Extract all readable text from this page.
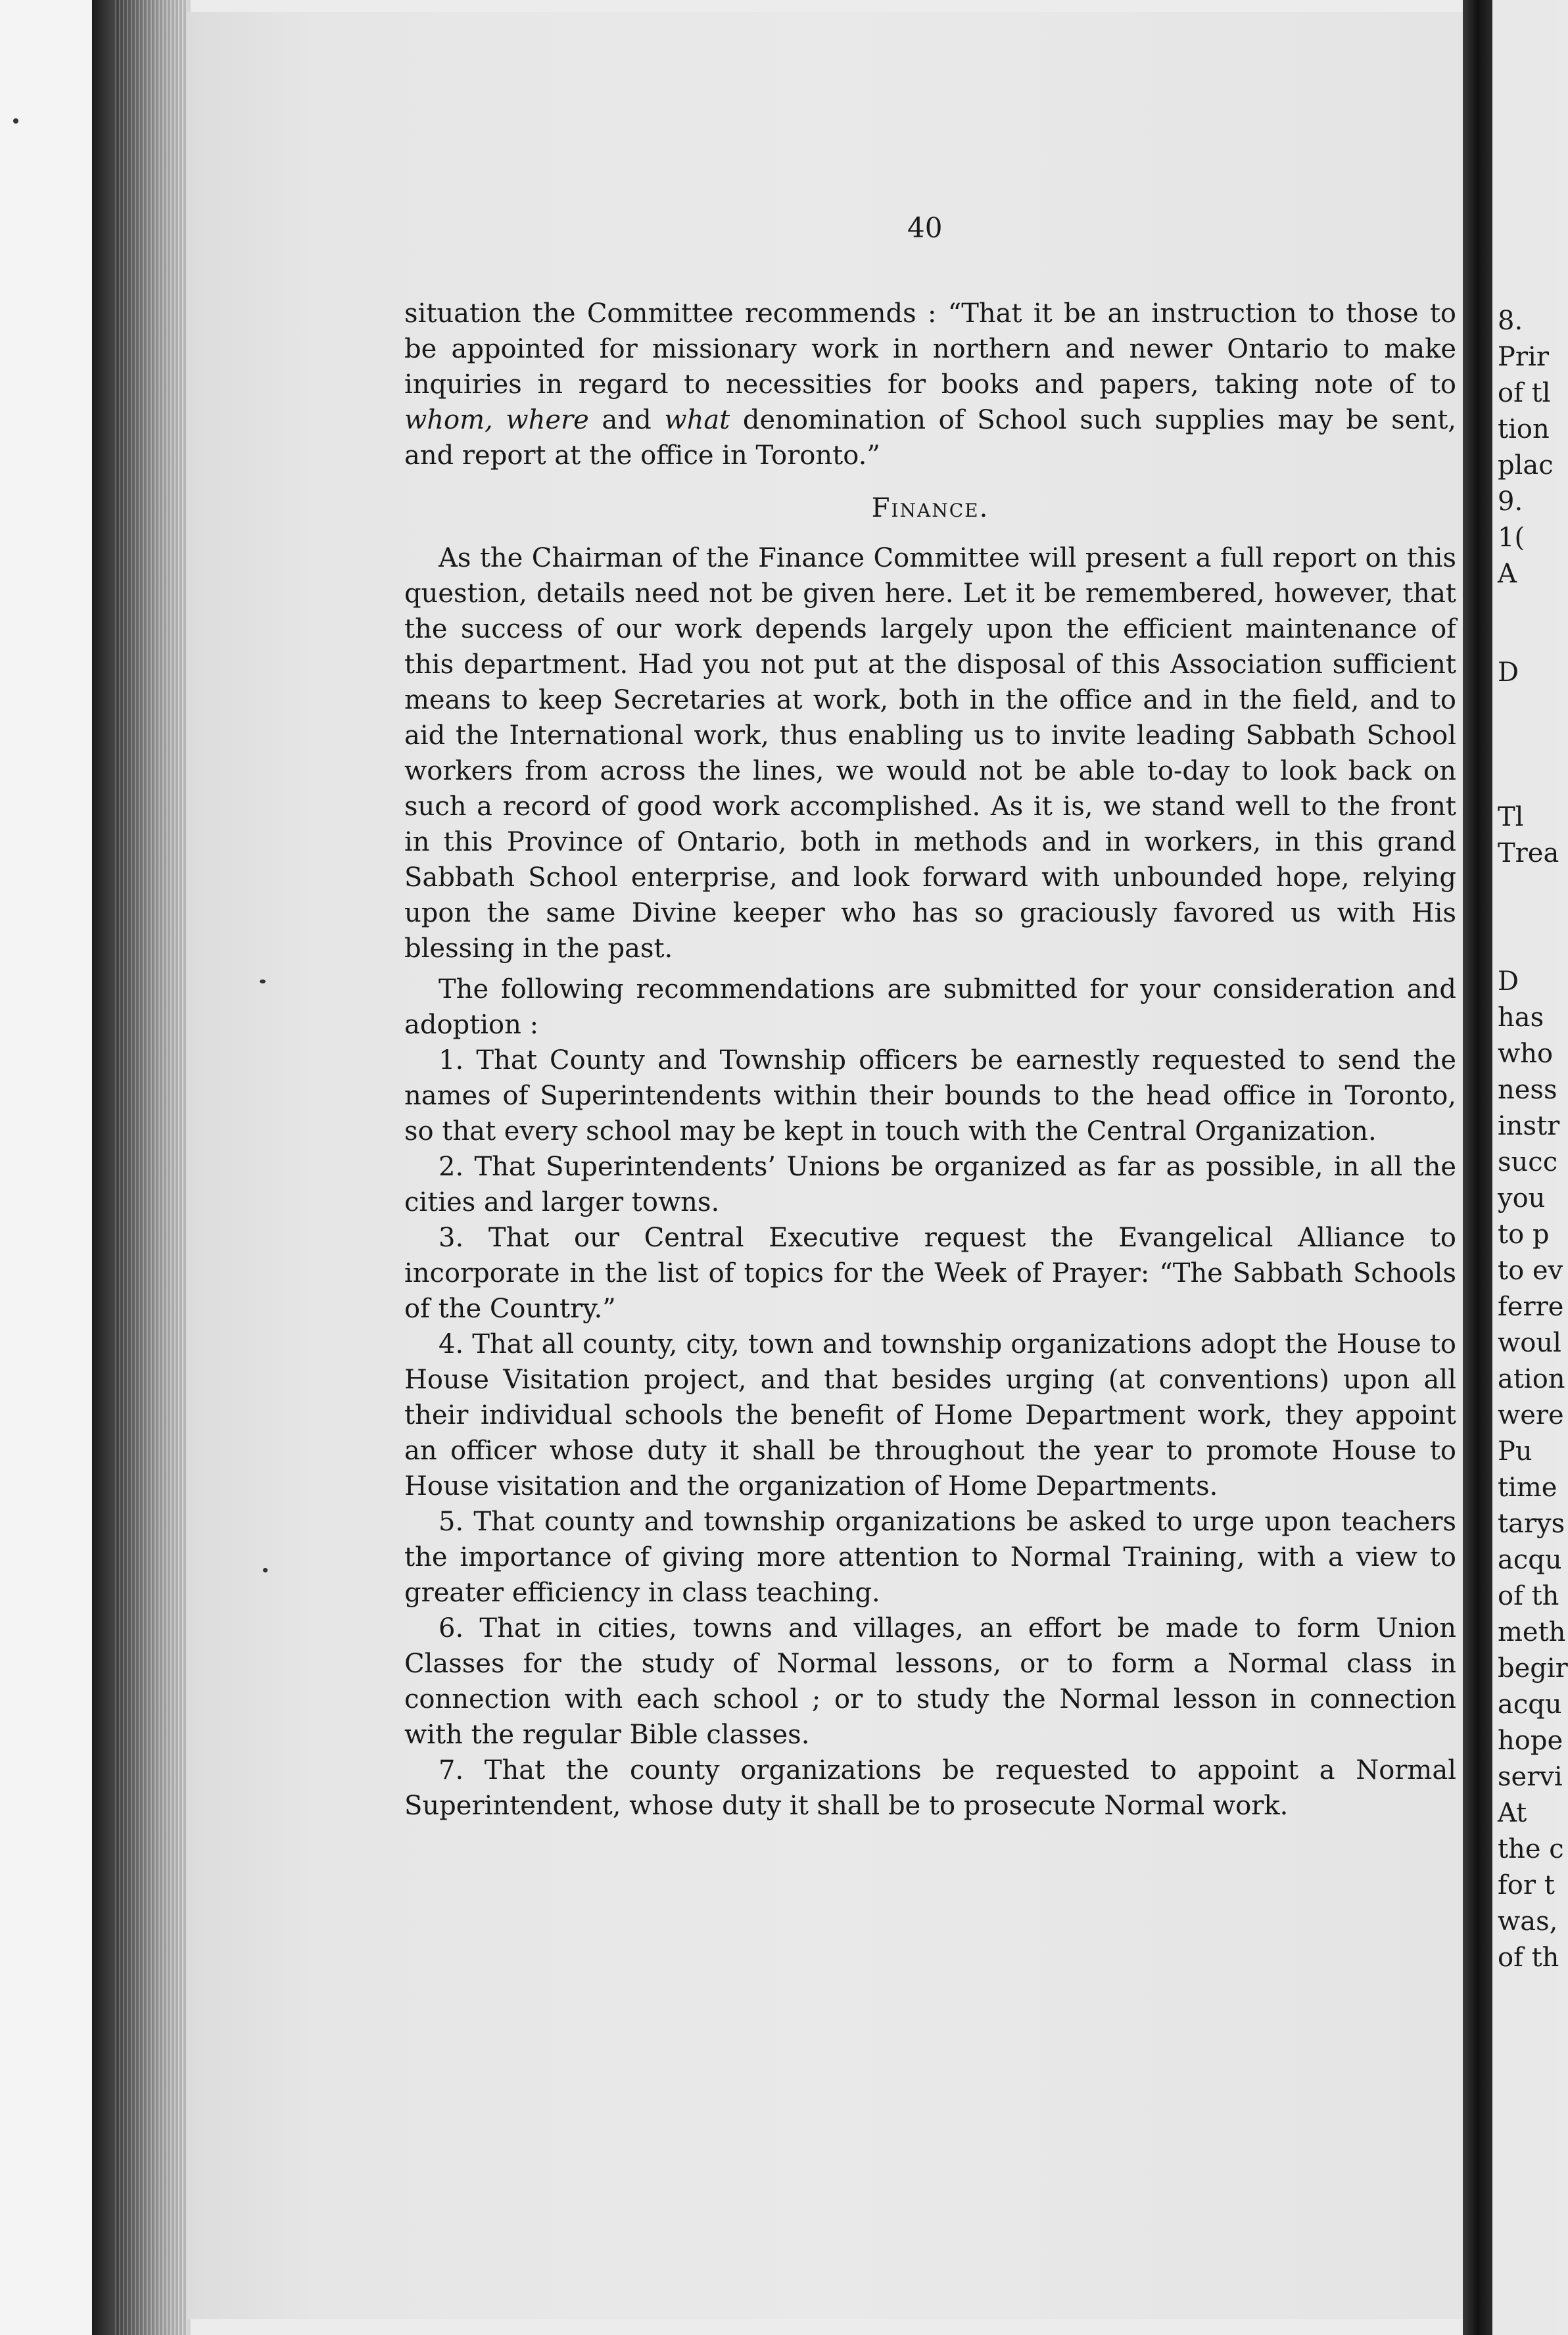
40

situation the Committee recommends : “That it be an instruction to those to be appointed for missionary work in northern and newer Ontario to make inquiries in regard to necessities for books and papers, taking note of to whom, where and what denomination of School such supplies may be sent, and report at the office in Toronto.”

Finance.

As the Chairman of the Finance Committee will present a full report on this question, details need not be given here. Let it be remembered, however, that the success of our work depends largely upon the efficient maintenance of this department. Had you not put at the disposal of this Association sufficient means to keep Secretaries at work, both in the office and in the field, and to aid the International work, thus enabling us to invite leading Sabbath School workers from across the lines, we would not be able to-day to look back on such a record of good work accomplished. As it is, we stand well to the front in this Province of Ontario, both in methods and in workers, in this grand Sabbath School enterprise, and look forward with unbounded hope, relying upon the same Divine keeper who has so graciously favored us with His blessing in the past.

The following recommendations are submitted for your consideration and adoption :

1. That County and Township officers be earnestly requested to send the names of Superintendents within their bounds to the head office in Toronto, so that every school may be kept in touch with the Central Organization.

2. That Superintendents’ Unions be organized as far as possible, in all the cities and larger towns.

3. That our Central Executive request the Evangelical Alliance to incorporate in the list of topics for the Week of Prayer: “The Sabbath Schools of the Country.”

4. That all county, city, town and township organizations adopt the House to House Visitation project, and that besides urging (at conventions) upon all their individual schools the benefit of Home Department work, they appoint an officer whose duty it shall be throughout the year to promote House to House visitation and the organization of Home Departments.

5. That county and township organizations be asked to urge upon teachers the importance of giving more attention to Normal Training, with a view to greater efficiency in class teaching.

6. That in cities, towns and villages, an effort be made to form Union Classes for the study of Normal lessons, or to form a Normal class in connection with each school ; or to study the Normal lesson in connection with the regular Bible classes.

7. That the county organizations be requested to appoint a Normal Superintendent, whose duty it shall be to prosecute Normal work.

8.
Prir
of tl
tion
plac
9.
1(
A
D
Tl
Trea
D
has
who
ness
instr
succ
you
to p
to ev
ferre
woul
ation
were
Pu
time
tarys
acqu
of th
meth
begir
acqu
hope
servi
At
the c
for t
was,
of th
